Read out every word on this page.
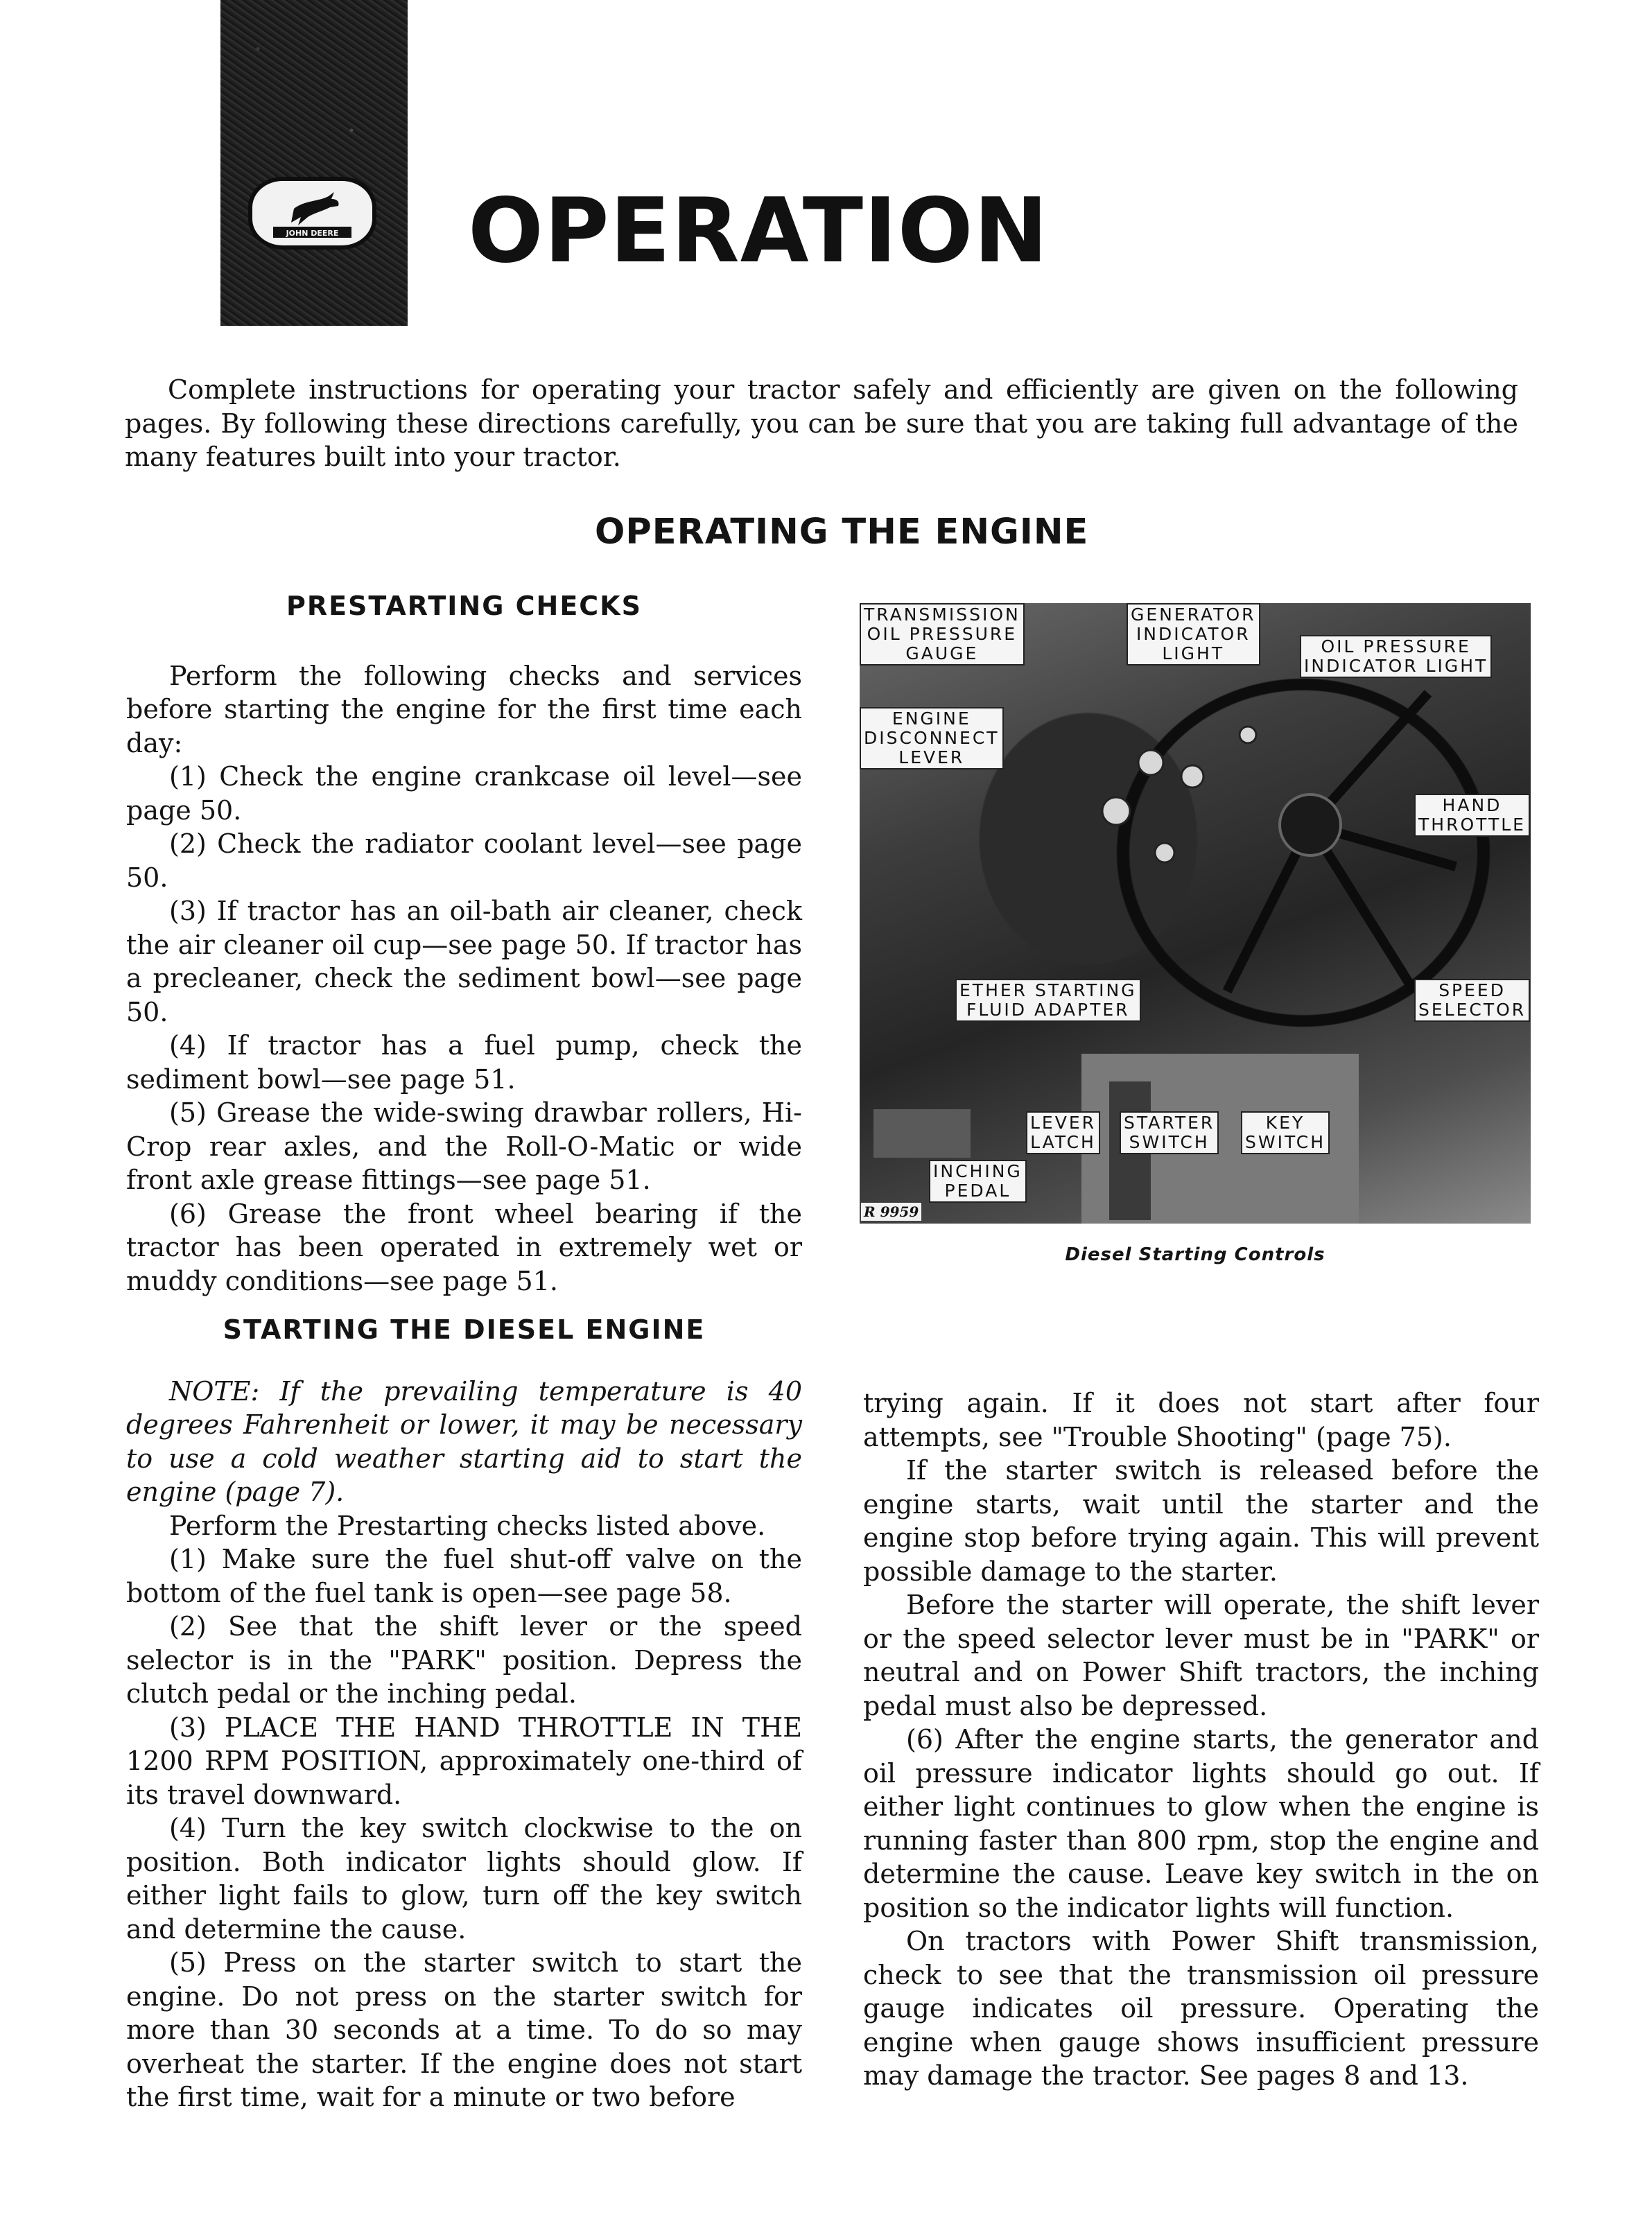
JOHN DEERE OPERATION

Complete instructions for operating your tractor safely and efficiently are given on the following pages. By following these directions carefully, you can be sure that you are taking full advantage of the many features built into your tractor.

OPERATING THE ENGINE
PRESTARTING CHECKS

Perform the following checks and services before starting the engine for the first time each day:

(1) Check the engine crankcase oil level—see page 50.

(2) Check the radiator coolant level—see page 50.

(3) If tractor has an oil-bath air cleaner, check the air cleaner oil cup—see page 50. If tractor has a precleaner, check the sediment bowl—see page 50.

(4) If tractor has a fuel pump, check the sediment bowl—see page 51.

(5) Grease the wide-swing drawbar rollers, Hi-Crop rear axles, and the Roll-O-Matic or wide front axle grease fittings—see page 51.

(6) Grease the front wheel bearing if the tractor has been operated in extremely wet or muddy conditions—see page 51.

STARTING THE DIESEL ENGINE

NOTE: If the prevailing temperature is 40 degrees Fahrenheit or lower, it may be necessary to use a cold weather starting aid to start the engine (page 7).

Perform the Prestarting checks listed above.

(1) Make sure the fuel shut-off valve on the bottom of the fuel tank is open—see page 58.

(2) See that the shift lever or the speed selector is in the "PARK" position. Depress the clutch pedal or the inching pedal.

(3) PLACE THE HAND THROTTLE IN THE 1200 RPM POSITION, approximately one-third of its travel downward.

(4) Turn the key switch clockwise to the on position. Both indicator lights should glow. If either light fails to glow, turn off the key switch and determine the cause.

(5) Press on the starter switch to start the engine. Do not press on the starter switch for more than 30 seconds at a time. To do so may overheat the starter. If the engine does not start the first time, wait for a minute or two before

trying again. If it does not start after four attempts, see "Trouble Shooting" (page 75).

If the starter switch is released before the engine starts, wait until the starter and the engine stop before trying again. This will prevent possible damage to the starter.

Before the starter will operate, the shift lever or the speed selector lever must be in "PARK" or neutral and on Power Shift tractors, the inching pedal must also be depressed.

(6) After the engine starts, the generator and oil pressure indicator lights should go out. If either light continues to glow when the engine is running faster than 800 rpm, stop the engine and determine the cause. Leave key switch in the on position so the indicator lights will function.

On tractors with Power Shift transmission, check to see that the transmission oil pressure gauge indicates oil pressure. Operating the engine when gauge shows insufficient pressure may damage the tractor. See pages 8 and 13.

TRANSMISSION
OIL PRESSURE
GAUGE
GENERATOR
INDICATOR
LIGHT	OIL PRESSURE
INDICATOR LIGHT
ENGINE
DISCONNECT
LEVER
HAND
THROTTLE
ETHER STARTING
FLUID ADAPTER
SPEED
SELECTOR
LEVER
LATCH
STARTER
SWITCH
KEY
SWITCH
INCHING
PEDAL
R 9959
Diesel Starting Controls
